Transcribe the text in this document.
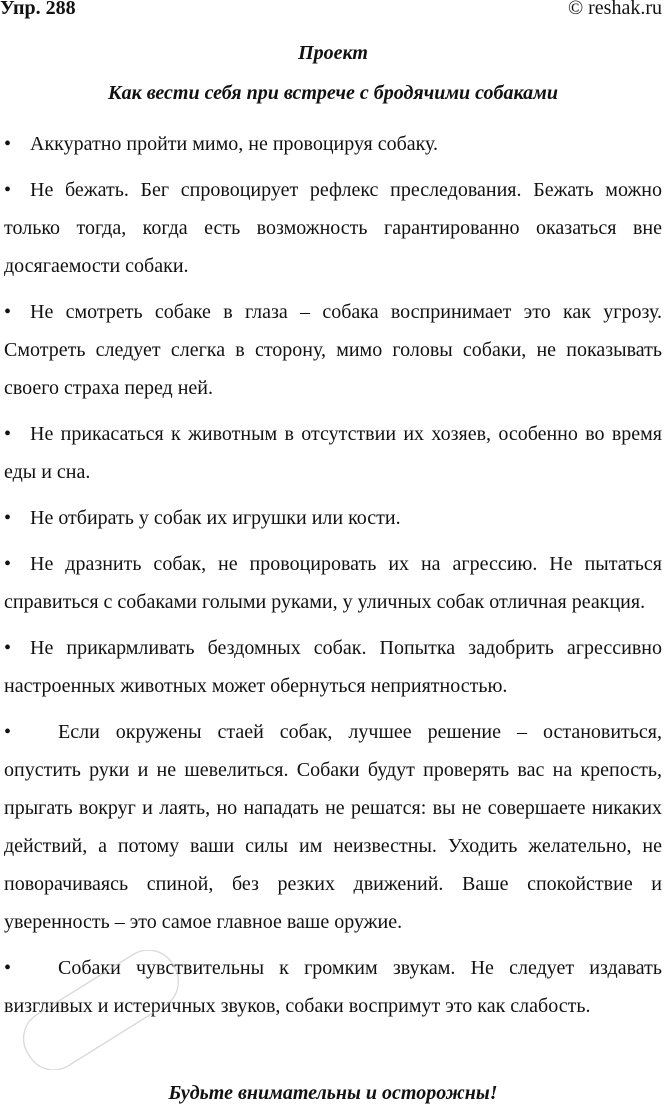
Упр. 288	© reshak.ru
Проект
Как вести себя при встрече с бродячими собаками

• Аккуратно пройти мимо, не провоцируя собаку.

• Не бежать. Бег спровоцирует рефлекс преследования. Бежать можно только тогда, когда есть возможность гарантированно оказаться вне досягаемости собаки.

• Не смотреть собаке в глаза – собака воспринимает это как угрозу. Смотреть следует слегка в сторону, мимо головы собаки, не показывать своего страха перед ней.

• Не прикасаться к животным в отсутствии их хозяев, особенно во время еды и сна.

• Не отбирать у собак их игрушки или кости.

• Не дразнить собак, не провоцировать их на агрессию. Не пытаться справиться с собаками голыми руками, у уличных собак отличная реакция.

• Не прикармливать бездомных собак. Попытка задобрить агрессивно настроенных животных может обернуться неприятностью.

• Если окружены стаей собак, лучшее решение – остановиться, опустить руки и не шевелиться. Собаки будут проверять вас на крепость, прыгать вокруг и лаять, но нападать не решатся: вы не совершаете никаких действий, а потому ваши силы им неизвестны. Уходить желательно, не поворачиваясь спиной, без резких движений. Ваше спокойствие и уверенность – это самое главное ваше оружие.

• Собаки чувствительны к громким звукам. Не следует издавать визгливых и истеричных звуков, собаки воспримут это как слабость.

Будьте внимательны и осторожны!
